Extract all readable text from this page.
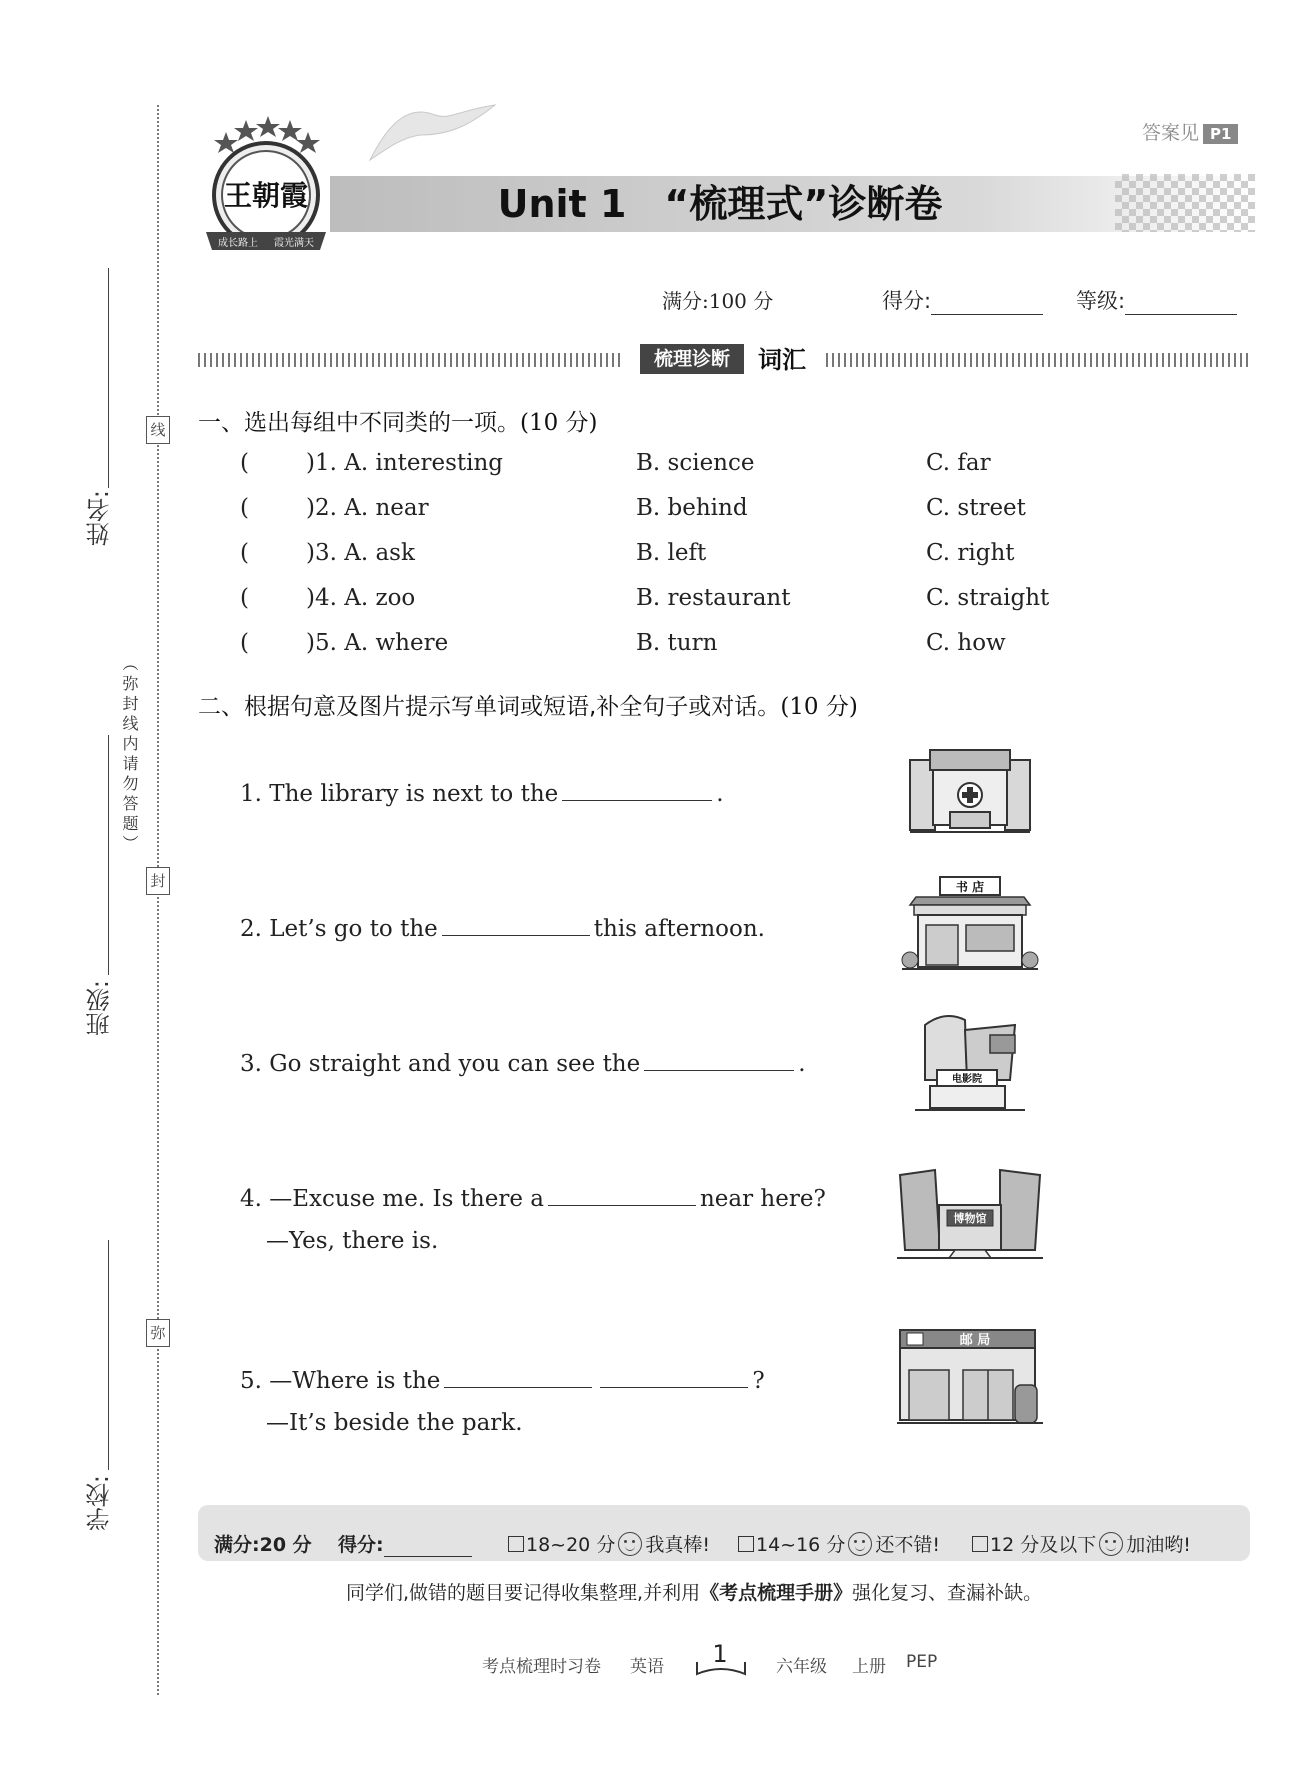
姓名:
班级:
学校:
线
封
弥
（弥封线内请勿答题）
Unit 1　“梳理式”诊断卷
王朝霞
成长路上 霞光满天
答案见 P1
满分:100 分	得分:	等级:
梳理诊断	词汇
一、选出每组中不同类的一项。(10 分)
( )1. A. interesting	B. science	C. far
( )2. A. near	B. behind	C. street
( )3. A. ask	B. left	C. right
( )4. A. zoo	B. restaurant	C. straight
( )5. A. where	B. turn	C. how
二、根据句意及图片提示写单词或短语,补全句子或对话。(10 分)
1. The library is next to the	.
2. Let’s go to the	this afternoon.
3. Go straight and you can see the	.
4. —Excuse me. Is there a	near here?
—Yes, there is.
5. —Where is the	?
—It’s beside the park.
书 店
电影院
博物馆
邮 局
满分:20 分 得分:	18~20 分 我真棒!	14~16 分 还不错!	12 分及以下 加油哟!
同学们,做错的题目要记得收集整理,并利用《考点梳理手册》强化复习、查漏补缺。
考点梳理时习卷 英语	1	六年级 上册 PEP
